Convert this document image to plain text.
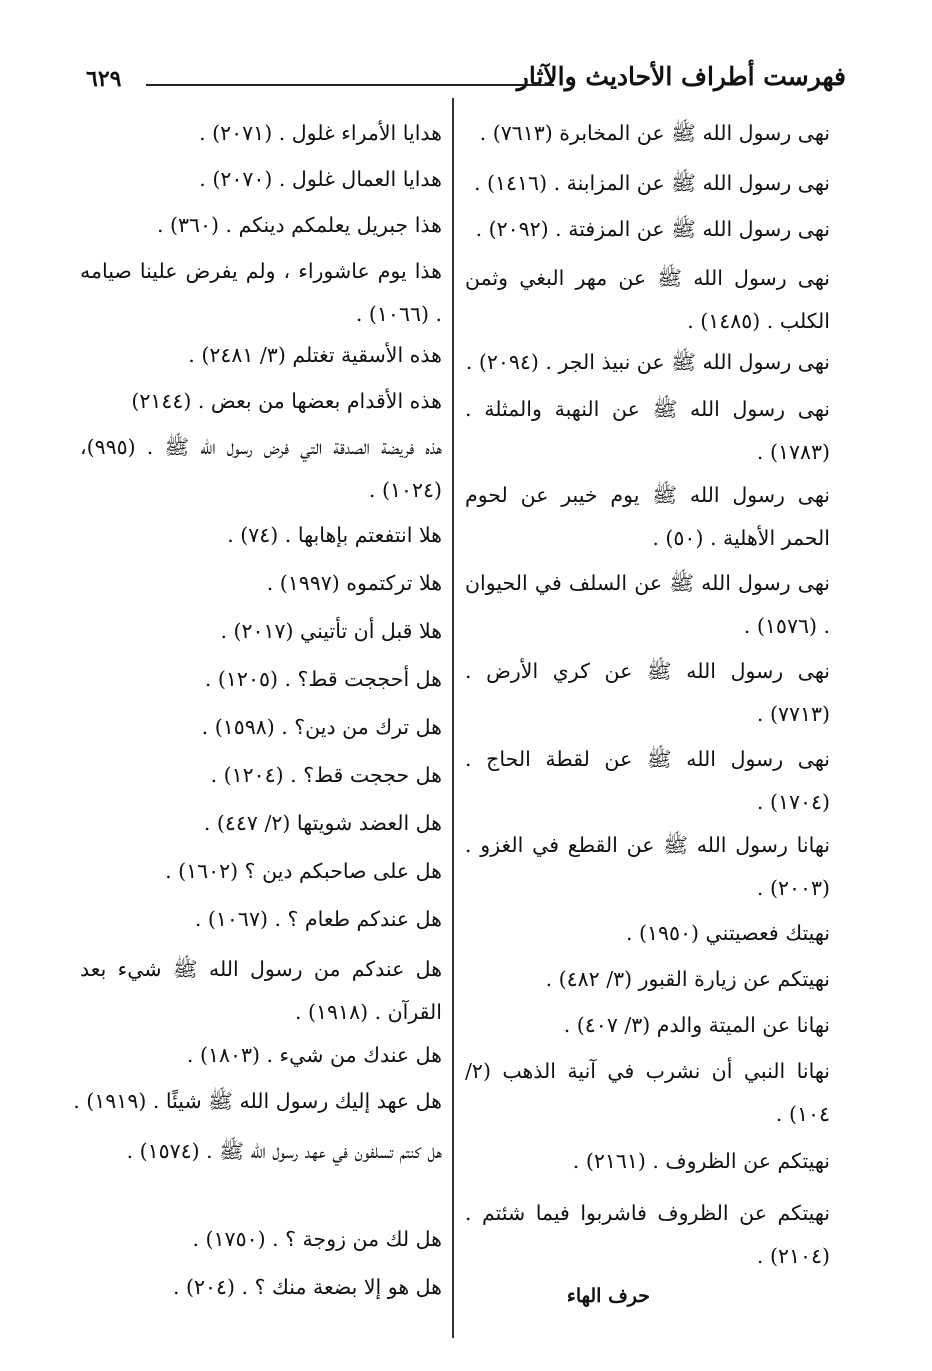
فهرست أطراف الأحاديث والآثار
٦٢٩
نهى رسول الله ﷺ عن المخابرة (٧٦١٣) .
نهى رسول الله ﷺ عن المزابنة . (١٤١٦) .
نهى رسول الله ﷺ عن المزفتة . (٢٠٩٢) .
نهى رسول الله ﷺ عن مهر البغي وثمن الكلب . (١٤٨٥) .
نهى رسول الله ﷺ عن نبيذ الجر . (٢٠٩٤) .
نهى رسول الله ﷺ عن النهبة والمثلة . (١٧٨٣) .
نهى رسول الله ﷺ يوم خيبر عن لحوم الحمر الأهلية . (٥٠) .
نهى رسول الله ﷺ عن السلف في الحيوان . (١٥٧٦) .
نهى رسول الله ﷺ عن كري الأرض . (٧٧١٣) .
نهى رسول الله ﷺ عن لقطة الحاج . (١٧٠٤) .
نهانا رسول الله ﷺ عن القطع في الغزو . (٢٠٠٣) .
نهيتك فعصيتني (١٩٥٠) .
نهيتكم عن زيارة القبور (٣/ ٤٨٢) .
نهانا عن الميتة والدم (٣/ ٤٠٧) .
نهانا النبي أن نشرب في آنية الذهب (٢/ ١٠٤) .
نهيتكم عن الظروف . (٢١٦١) .
نهيتكم عن الظروف فاشربوا فيما شئتم . (٢١٠٤) .
حرف الهاء
هدايا الأمراء غلول . (٢٠٧١) .
هدايا العمال غلول . (٢٠٧٠) .
هذا جبريل يعلمكم دينكم . (٣٦٠) .
هذا يوم عاشوراء ، ولم يفرض علينا صيامه . (١٠٦٦) .
هذه الأسقية تغتلم (٣/ ٢٤٨١) .
هذه الأقدام بعضها من بعض . (٢١٤٤)
هذه فريضة الصدقة التي فرض رسول الله ﷺ . (٩٩٥)، (١٠٢٤) .
هلا انتفعتم بإهابها . (٧٤) .
هلا تركتموه (١٩٩٧) .
هلا قبل أن تأتيني (٢٠١٧) .
هل أحججت قط؟ . (١٢٠٥) .
هل ترك من دين؟ . (١٥٩٨) .
هل حججت قط؟ . (١٢٠٤) .
هل العضد شويتها (٢/ ٤٤٧) .
هل على صاحبكم دين ؟ (١٦٠٢) .
هل عندكم طعام ؟ . (١٠٦٧) .
هل عندكم من رسول الله ﷺ شيء بعد القرآن . (١٩١٨) .
هل عندك من شيء . (١٨٠٣) .
هل عهد إليك رسول الله ﷺ شيئًا . (١٩١٩) .
هل كنتم تسلفون في عهد رسول الله ﷺ . (١٥٧٤) .
هل لك من زوجة ؟ . (١٧٥٠) .
هل هو إلا بضعة منك ؟ . (٢٠٤) .
